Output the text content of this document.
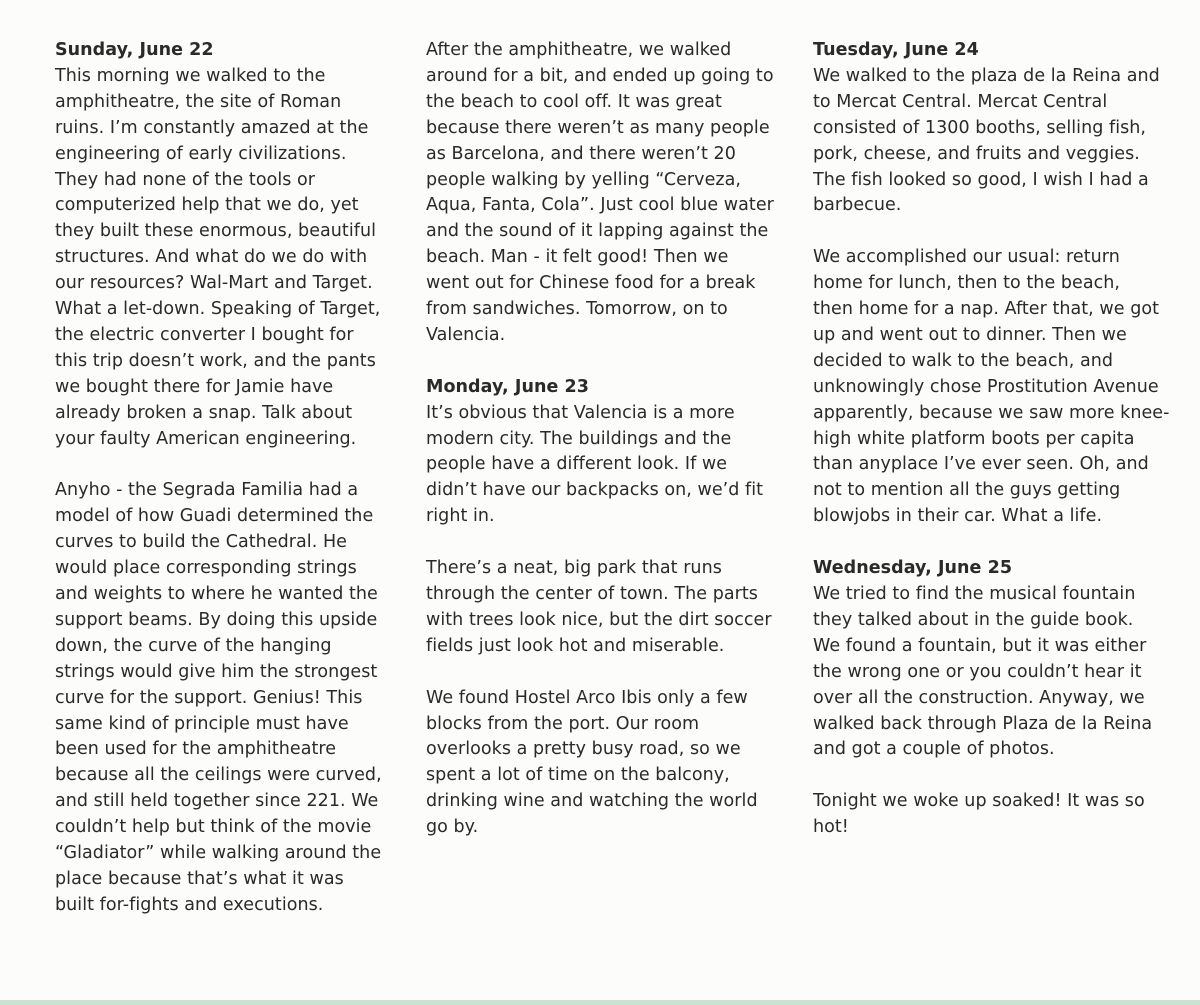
Sunday, June 22
This morning we walked to the
amphitheatre, the site of Roman
ruins. I’m constantly amazed at the
engineering of early civilizations.
They had none of the tools or
computerized help that we do, yet
they built these enormous, beautiful
structures. And what do we do with
our resources? Wal-Mart and Target.
What a let-down. Speaking of Target,
the electric converter I bought for
this trip doesn’t work, and the pants
we bought there for Jamie have
already broken a snap. Talk about
your faulty American engineering.
Anyho - the Segrada Familia had a
model of how Guadi determined the
curves to build the Cathedral. He
would place corresponding strings
and weights to where he wanted the
support beams. By doing this upside
down, the curve of the hanging
strings would give him the strongest
curve for the support. Genius! This
same kind of principle must have
been used for the amphitheatre
because all the ceilings were curved,
and still held together since 221. We
couldn’t help but think of the movie
“Gladiator” while walking around the
place because that’s what it was
built for-fights and executions.
After the amphitheatre, we walked
around for a bit, and ended up going to
the beach to cool off. It was great
because there weren’t as many people
as Barcelona, and there weren’t 20
people walking by yelling “Cerveza,
Aqua, Fanta, Cola”. Just cool blue water
and the sound of it lapping against the
beach. Man - it felt good! Then we
went out for Chinese food for a break
from sandwiches. Tomorrow, on to
Valencia.
Monday, June 23
It’s obvious that Valencia is a more
modern city. The buildings and the
people have a different look. If we
didn’t have our backpacks on, we’d fit
right in.
There’s a neat, big park that runs
through the center of town. The parts
with trees look nice, but the dirt soccer
fields just look hot and miserable.
We found Hostel Arco Ibis only a few
blocks from the port. Our room
overlooks a pretty busy road, so we
spent a lot of time on the balcony,
drinking wine and watching the world
go by.
Tuesday, June 24
We walked to the plaza de la Reina and
to Mercat Central. Mercat Central
consisted of 1300 booths, selling fish,
pork, cheese, and fruits and veggies.
The fish looked so good, I wish I had a
barbecue.
We accomplished our usual: return
home for lunch, then to the beach,
then home for a nap. After that, we got
up and went out to dinner. Then we
decided to walk to the beach, and
unknowingly chose Prostitution Avenue
apparently, because we saw more knee-
high white platform boots per capita
than anyplace I’ve ever seen. Oh, and
not to mention all the guys getting
blowjobs in their car. What a life.
Wednesday, June 25
We tried to find the musical fountain
they talked about in the guide book.
We found a fountain, but it was either
the wrong one or you couldn’t hear it
over all the construction. Anyway, we
walked back through Plaza de la Reina
and got a couple of photos.
Tonight we woke up soaked! It was so
hot!
